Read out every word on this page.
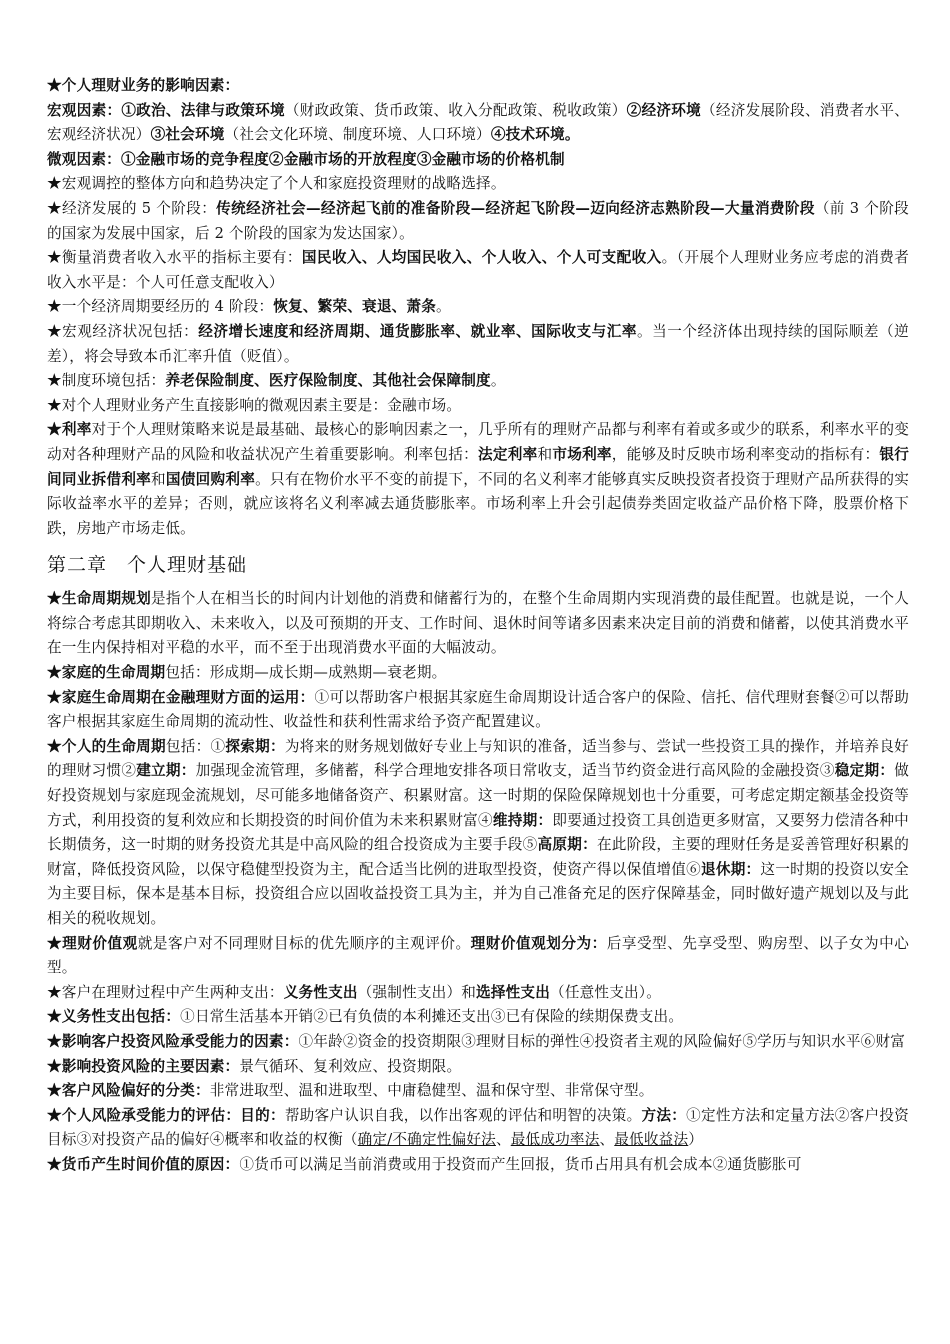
★个人理财业务的影响因素：

宏观因素：①政治、法律与政策环境（财政政策、货币政策、收入分配政策、税收政策）②经济环境（经济发展阶段、消费者水平、宏观经济状况）③社会环境（社会文化环境、制度环境、人口环境）④技术环境。

微观因素：①金融市场的竞争程度②金融市场的开放程度③金融市场的价格机制

★宏观调控的整体方向和趋势决定了个人和家庭投资理财的战略选择。

★经济发展的 5 个阶段：传统经济社会—经济起飞前的准备阶段—经济起飞阶段—迈向经济志熟阶段—大量消费阶段（前 3 个阶段的国家为发展中国家，后 2 个阶段的国家为发达国家）。

★衡量消费者收入水平的指标主要有：国民收入、人均国民收入、个人收入、个人可支配收入。（开展个人理财业务应考虑的消费者收入水平是：个人可任意支配收入）

★一个经济周期要经历的 4 阶段：恢复、繁荣、衰退、萧条。

★宏观经济状况包括：经济增长速度和经济周期、通货膨胀率、就业率、国际收支与汇率。当一个经济体出现持续的国际顺差（逆差），将会导致本币汇率升值（贬值）。

★制度环境包括：养老保险制度、医疗保险制度、其他社会保障制度。

★对个人理财业务产生直接影响的微观因素主要是：金融市场。

★利率对于个人理财策略来说是最基础、最核心的影响因素之一，几乎所有的理财产品都与利率有着或多或少的联系，利率水平的变动对各种理财产品的风险和收益状况产生着重要影响。利率包括：法定利率和市场利率，能够及时反映市场利率变动的指标有：银行间同业拆借利率和国债回购利率。只有在物价水平不变的前提下，不同的名义利率才能够真实反映投资者投资于理财产品所获得的实际收益率水平的差异；否则，就应该将名义利率减去通货膨胀率。市场利率上升会引起债券类固定收益产品价格下降，股票价格下跌，房地产市场走低。

第二章　个人理财基础

★生命周期规划是指个人在相当长的时间内计划他的消费和储蓄行为的，在整个生命周期内实现消费的最佳配置。也就是说，一个人将综合考虑其即期收入、未来收入，以及可预期的开支、工作时间、退休时间等诸多因素来决定目前的消费和储蓄，以使其消费水平在一生内保持相对平稳的水平，而不至于出现消费水平面的大幅波动。

★家庭的生命周期包括：形成期—成长期—成熟期—衰老期。

★家庭生命周期在金融理财方面的运用：①可以帮助客户根据其家庭生命周期设计适合客户的保险、信托、信代理财套餐②可以帮助客户根据其家庭生命周期的流动性、收益性和获利性需求给予资产配置建议。

★个人的生命周期包括：①探索期：为将来的财务规划做好专业上与知识的准备，适当参与、尝试一些投资工具的操作，并培养良好的理财习惯②建立期：加强现金流管理，多储蓄，科学合理地安排各项日常收支，适当节约资金进行高风险的金融投资③稳定期：做好投资规划与家庭现金流规划，尽可能多地储备资产、积累财富。这一时期的保险保障规划也十分重要，可考虑定期定额基金投资等方式，利用投资的复利效应和长期投资的时间价值为未来积累财富④维持期：即要通过投资工具创造更多财富，又要努力偿清各种中长期债务，这一时期的财务投资尤其是中高风险的组合投资成为主要手段⑤高原期：在此阶段，主要的理财任务是妥善管理好积累的财富，降低投资风险，以保守稳健型投资为主，配合适当比例的进取型投资，使资产得以保值增值⑥退休期：这一时期的投资以安全为主要目标，保本是基本目标，投资组合应以固收益投资工具为主，并为自己准备充足的医疗保障基金，同时做好遗产规划以及与此相关的税收规划。

★理财价值观就是客户对不同理财目标的优先顺序的主观评价。理财价值观划分为：后享受型、先享受型、购房型、以子女为中心型。

★客户在理财过程中产生两种支出：义务性支出（强制性支出）和选择性支出（任意性支出）。

★义务性支出包括：①日常生活基本开销②已有负债的本利摊还支出③已有保险的续期保费支出。

★影响客户投资风险承受能力的因素：①年龄②资金的投资期限③理财目标的弹性④投资者主观的风险偏好⑤学历与知识水平⑥财富

★影响投资风险的主要因素：景气循环、复利效应、投资期限。

★客户风险偏好的分类：非常进取型、温和进取型、中庸稳健型、温和保守型、非常保守型。

★个人风险承受能力的评估：目的：帮助客户认识自我，以作出客观的评估和明智的决策。方法：①定性方法和定量方法②客户投资目标③对投资产品的偏好④概率和收益的权衡（确定/不确定性偏好法、最低成功率法、最低收益法）

★货币产生时间价值的原因：①货币可以满足当前消费或用于投资而产生回报，货币占用具有机会成本②通货膨胀可
